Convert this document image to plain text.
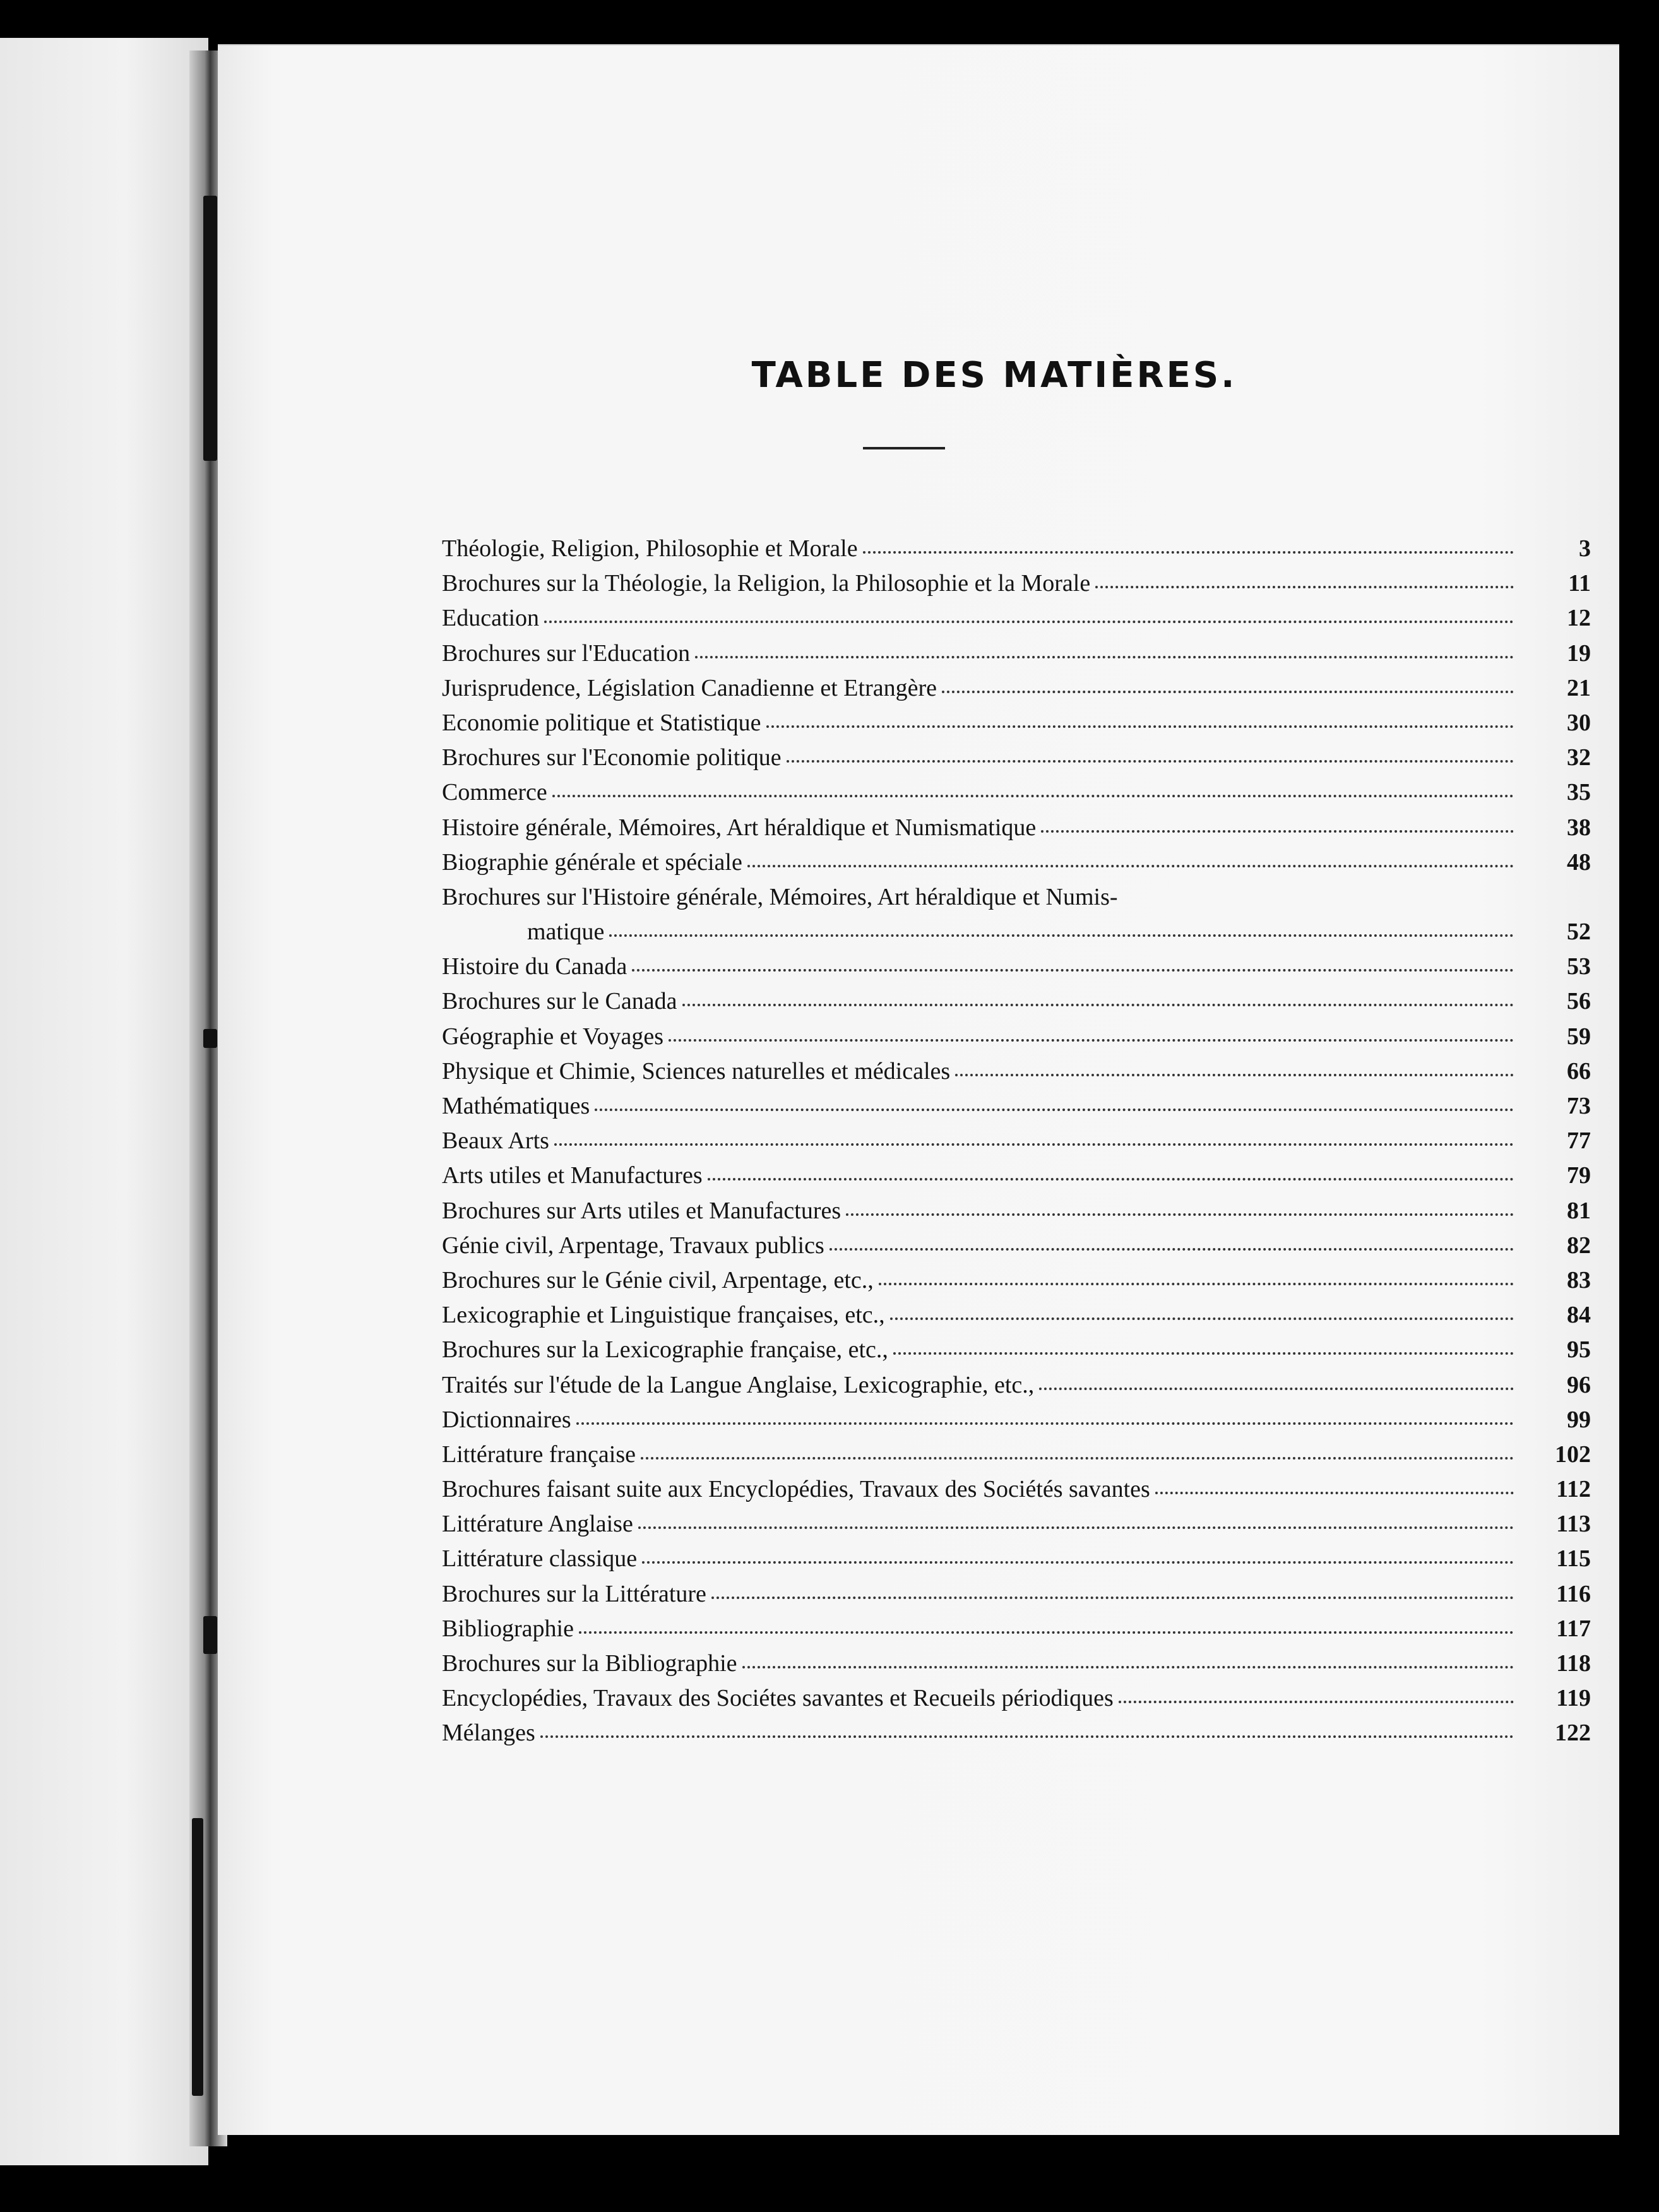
TABLE DES MATIÈRES.
Théologie, Religion, Philosophie et Morale	3
Brochures sur la Théologie, la Religion, la Philosophie et la Morale	11
Education	12
Brochures sur l'Education	19
Jurisprudence, Législation Canadienne et Etrangère	21
Economie politique et Statistique	30
Brochures sur l'Economie politique	32
Commerce	35
Histoire générale, Mémoires, Art héraldique et Numismatique	38
Biographie générale et spéciale	48
Brochures sur l'Histoire générale, Mémoires, Art héraldique et Numis-
matique	52
Histoire du Canada	53
Brochures sur le Canada	56
Géographie et Voyages	59
Physique et Chimie, Sciences naturelles et médicales	66
Mathématiques	73
Beaux Arts	77
Arts utiles et Manufactures	79
Brochures sur Arts utiles et Manufactures	81
Génie civil, Arpentage, Travaux publics	82
Brochures sur le Génie civil, Arpentage, etc.,	83
Lexicographie et Linguistique françaises, etc.,	84
Brochures sur la Lexicographie française, etc.,	95
Traités sur l'étude de la Langue Anglaise, Lexicographie, etc.,	96
Dictionnaires	99
Littérature française	102
Brochures faisant suite aux Encyclopédies, Travaux des Sociétés savantes	112
Littérature Anglaise	113
Littérature classique	115
Brochures sur la Littérature	116
Bibliographie	117
Brochures sur la Bibliographie	118
Encyclopédies, Travaux des Sociétes savantes et Recueils périodiques	119
Mélanges	122
